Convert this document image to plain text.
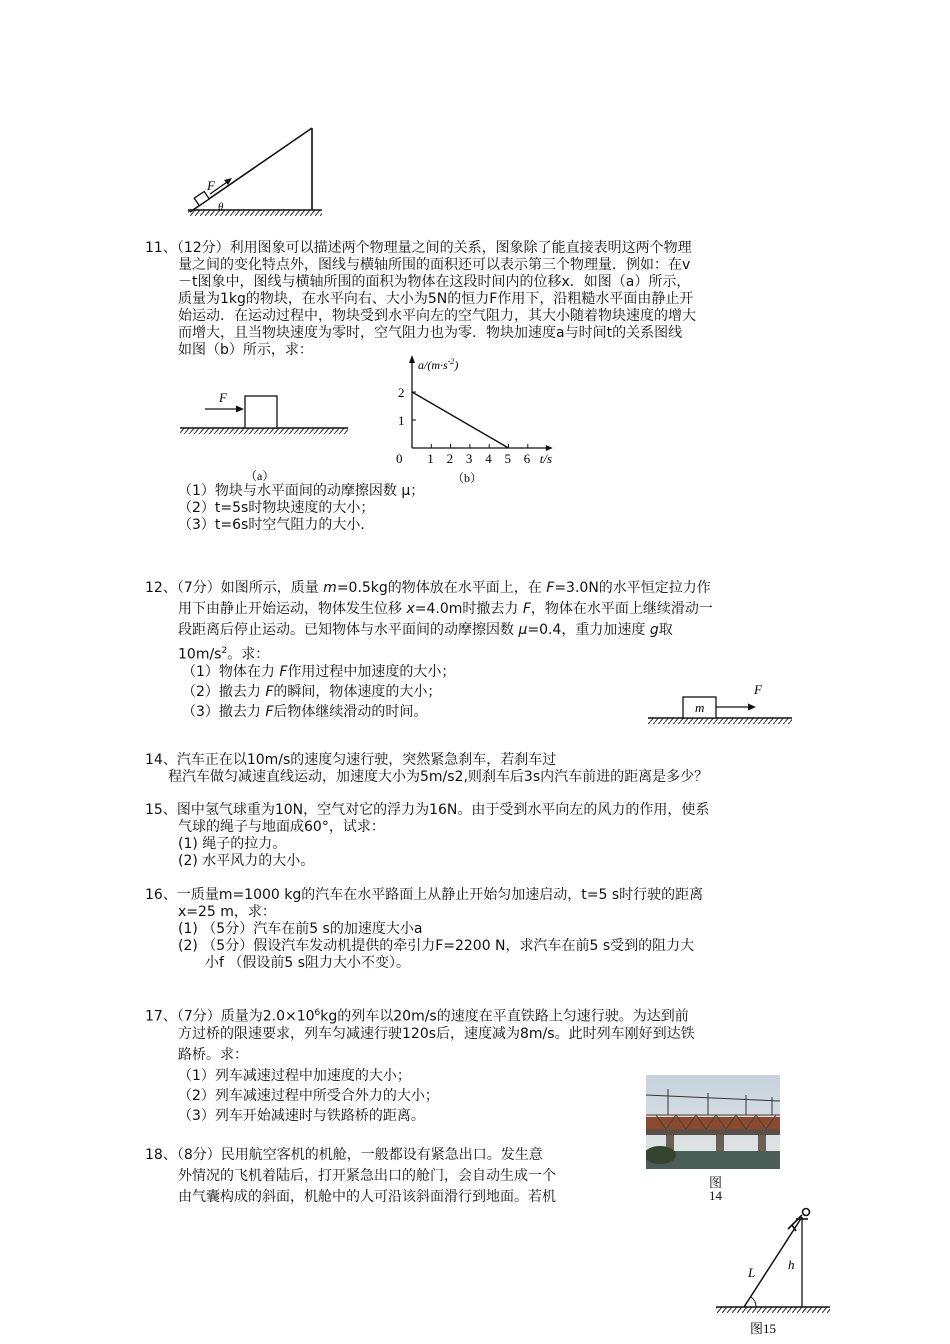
F
θ
11、（12分）利用图象可以描述两个物理量之间的关系，图象除了能直接表明这两个物理
量之间的变化特点外，图线与横轴所围的面积还可以表示第三个物理量．例如：在v
－t图象中，图线与横轴所围的面积为物体在这段时间内的位移x．如图（a）所示，
质量为1kg的物块，在水平向右、大小为5N的恒力F作用下，沿粗糙水平面由静止开
始运动．在运动过程中，物块受到水平向左的空气阻力，其大小随着物块速度的增大
而增大，且当物块速度为零时，空气阻力也为零．物块加速度a与时间t的关系图线
如图（b）所示，求：
F
（a）
1 2 3 4 5 6
1
2
0
$a/(m\cdot s^{-2})$
t/s
（b）
（1）物块与水平面间的动摩擦因数 μ；
（2）t=5s时物块速度的大小；
（3）t=6s时空气阻力的大小．
12、（7分）如图所示，质量 m=0.5kg的物体放在水平面上，在 F=3.0N的水平恒定拉力作
用下由静止开始运动，物体发生位移 x=4.0m时撤去力 F，物体在水平面上继续滑动一
段距离后停止运动。已知物体与水平面间的动摩擦因数 μ=0.4，重力加速度 g取
$10m/s^2$。求：
（1）物体在力 F作用过程中加速度的大小；
（2）撤去力 F的瞬间，物体速度的大小；
（3）撤去力 F后物体继续滑动的时间。	m
F
14、汽车正在以10m/s的速度匀速行驶，突然紧急刹车，若刹车过
程汽车做匀减速直线运动，加速度大小为5m/s2,则刹车后3s内汽车前进的距离是多少？
15、图中氢气球重为10N，空气对它的浮力为16N。由于受到水平向左的风力的作用，使系
气球的绳子与地面成60°，试求：
(1) 绳子的拉力。
(2) 水平风力的大小。
16、一质量m=1000 kg的汽车在水平路面上从静止开始匀加速启动，t=5 s时行驶的距离
x=25 m，求：
(1) （5分）汽车在前5 s的加速度大小a
(2) （5分）假设汽车发动机提供的牵引力F=2200 N，求汽车在前5 s受到的阻力大
小f （假设前5 s阻力大小不变）。
17、（7分）质量为$2.0\times 10^6kg$的列车以20m/s的速度在平直铁路上匀速行驶。为达到前
方过桥的限速要求，列车匀减速行驶120s后，速度减为8m/s。此时列车刚好到达铁
路桥。求：
（1）列车减速过程中加速度的大小；
（2）列车减速过程中所受合外力的大小；
（3）列车开始减速时与铁路桥的距离。
图
14
18、（8分）民用航空客机的机舱，一般都设有紧急出口。发生意
外情况的飞机着陆后，打开紧急出口的舱门，会自动生成一个
由气囊构成的斜面，机舱中的人可沿该斜面滑行到地面。若机
L
h
图15
